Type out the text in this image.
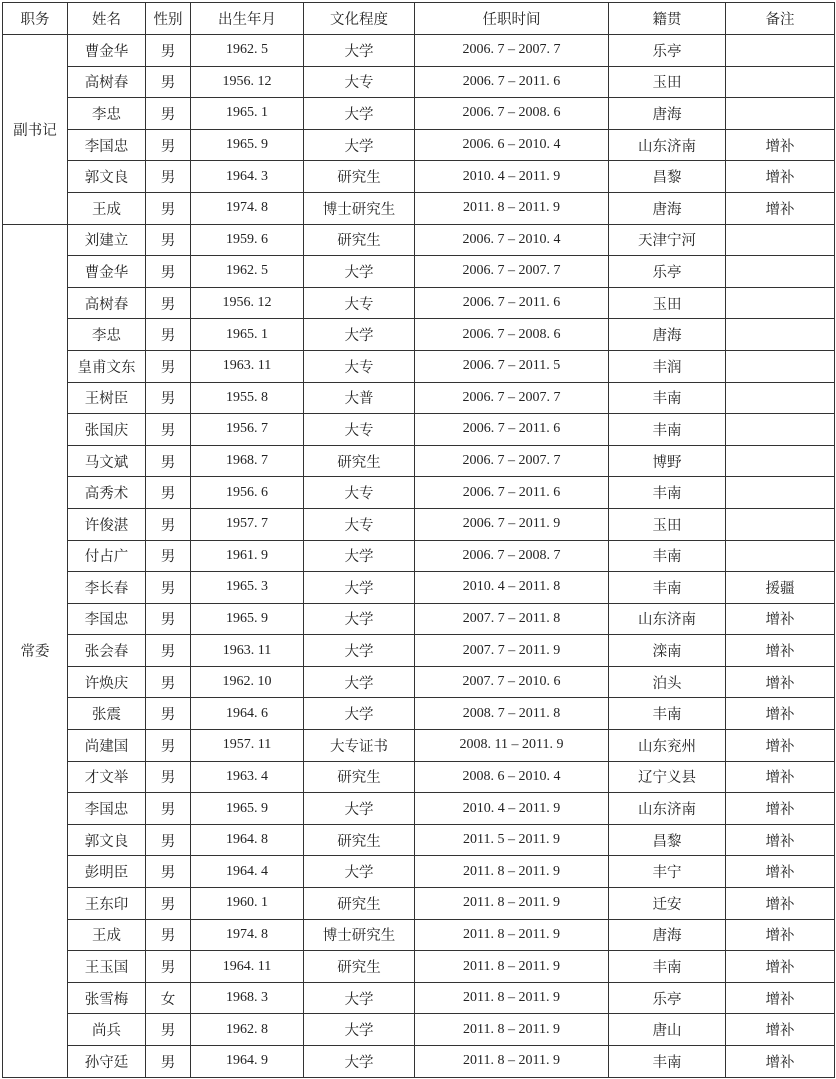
职务	姓名	性别	出生年月	文化程度	任职时间	籍贯	备注
副书记	曹金华	男	1962. 5	大学	2006. 7 – 2007. 7	乐亭	
	高树春	男	1956. 12	大专	2006. 7 – 2011. 6	玉田	
	李忠	男	1965. 1	大学	2006. 7 – 2008. 6	唐海	
	李国忠	男	1965. 9	大学	2006. 6 – 2010. 4	山东济南	增补
	郭文良	男	1964. 3	研究生	2010. 4 – 2011. 9	昌黎	增补
	王成	男	1974. 8	博士研究生	2011. 8 – 2011. 9	唐海	增补
常委	刘建立	男	1959. 6	研究生	2006. 7 – 2010. 4	天津宁河	
	曹金华	男	1962. 5	大学	2006. 7 – 2007. 7	乐亭	
	高树春	男	1956. 12	大专	2006. 7 – 2011. 6	玉田	
	李忠	男	1965. 1	大学	2006. 7 – 2008. 6	唐海	
	皇甫文东	男	1963. 11	大专	2006. 7 – 2011. 5	丰润	
	王树臣	男	1955. 8	大普	2006. 7 – 2007. 7	丰南	
	张国庆	男	1956. 7	大专	2006. 7 – 2011. 6	丰南	
	马文斌	男	1968. 7	研究生	2006. 7 – 2007. 7	博野	
	高秀术	男	1956. 6	大专	2006. 7 – 2011. 6	丰南	
	许俊湛	男	1957. 7	大专	2006. 7 – 2011. 9	玉田	
	付占广	男	1961. 9	大学	2006. 7 – 2008. 7	丰南	
	李长春	男	1965. 3	大学	2010. 4 – 2011. 8	丰南	援疆
	李国忠	男	1965. 9	大学	2007. 7 – 2011. 8	山东济南	增补
	张会春	男	1963. 11	大学	2007. 7 – 2011. 9	滦南	增补
	许焕庆	男	1962. 10	大学	2007. 7 – 2010. 6	泊头	增补
	张震	男	1964. 6	大学	2008. 7 – 2011. 8	丰南	增补
	尚建国	男	1957. 11	大专证书	2008. 11 – 2011. 9	山东兖州	增补
	才文举	男	1963. 4	研究生	2008. 6 – 2010. 4	辽宁义县	增补
	李国忠	男	1965. 9	大学	2010. 4 – 2011. 9	山东济南	增补
	郭文良	男	1964. 8	研究生	2011. 5 – 2011. 9	昌黎	增补
	彭明臣	男	1964. 4	大学	2011. 8 – 2011. 9	丰宁	增补
	王东印	男	1960. 1	研究生	2011. 8 – 2011. 9	迁安	增补
	王成	男	1974. 8	博士研究生	2011. 8 – 2011. 9	唐海	增补
	王玉国	男	1964. 11	研究生	2011. 8 – 2011. 9	丰南	增补
	张雪梅	女	1968. 3	大学	2011. 8 – 2011. 9	乐亭	增补
	尚兵	男	1962. 8	大学	2011. 8 – 2011. 9	唐山	增补
	孙守廷	男	1964. 9	大学	2011. 8 – 2011. 9	丰南	增补
